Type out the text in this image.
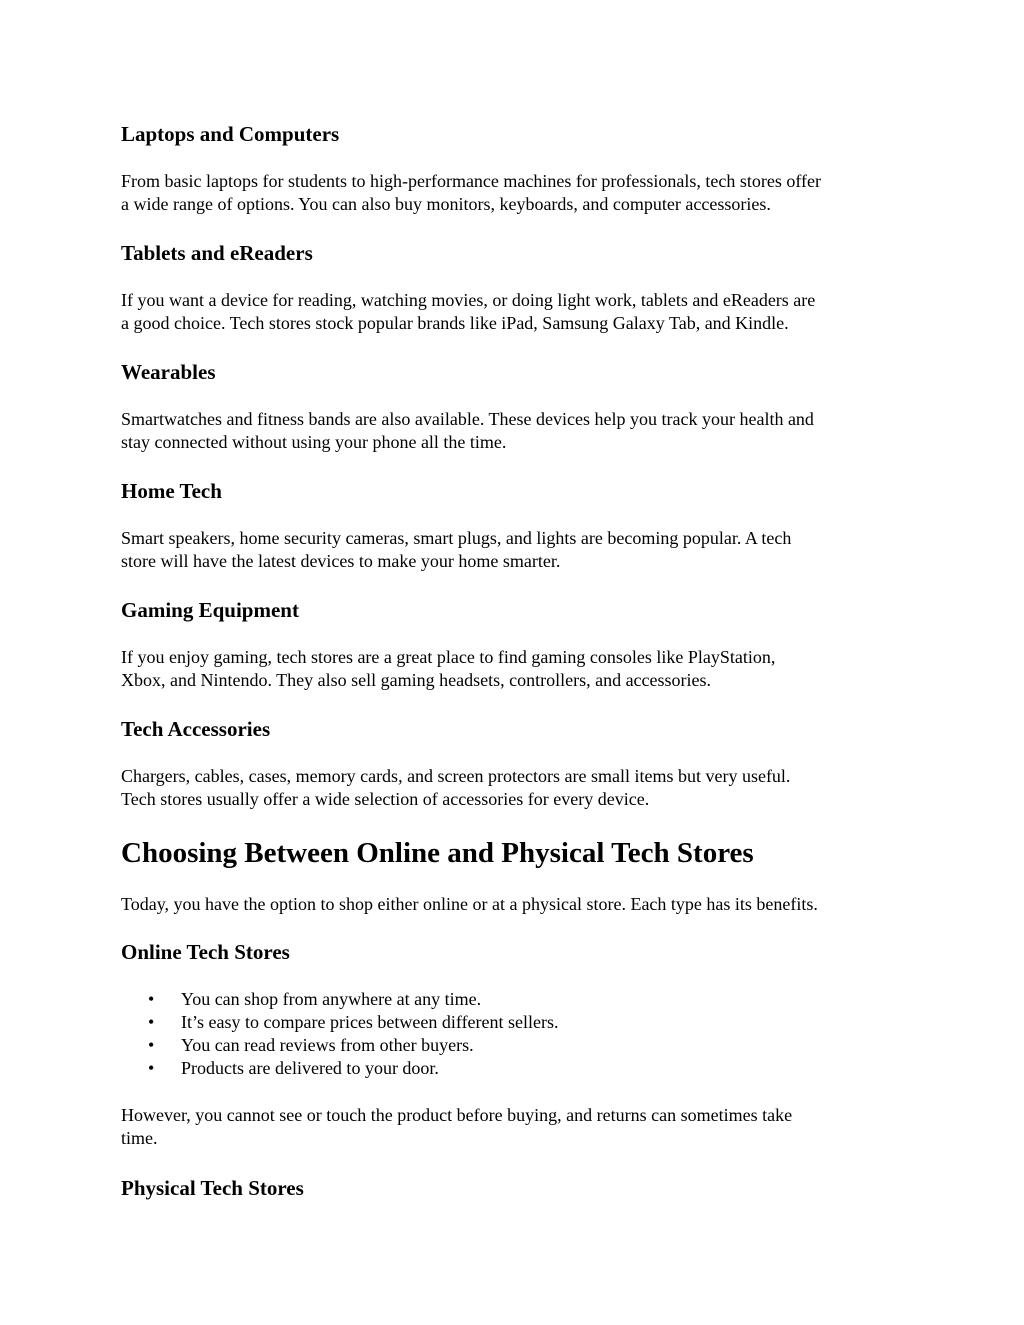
Laptops and Computers

From basic laptops for students to high-performance machines for professionals, tech stores offer
a wide range of options. You can also buy monitors, keyboards, and computer accessories.

Tablets and eReaders

If you want a device for reading, watching movies, or doing light work, tablets and eReaders are
a good choice. Tech stores stock popular brands like iPad, Samsung Galaxy Tab, and Kindle.

Wearables

Smartwatches and fitness bands are also available. These devices help you track your health and
stay connected without using your phone all the time.

Home Tech

Smart speakers, home security cameras, smart plugs, and lights are becoming popular. A tech
store will have the latest devices to make your home smarter.

Gaming Equipment

If you enjoy gaming, tech stores are a great place to find gaming consoles like PlayStation,
Xbox, and Nintendo. They also sell gaming headsets, controllers, and accessories.

Tech Accessories

Chargers, cables, cases, memory cards, and screen protectors are small items but very useful.
Tech stores usually offer a wide selection of accessories for every device.

Choosing Between Online and Physical Tech Stores

Today, you have the option to shop either online or at a physical store. Each type has its benefits.

Online Tech Stores
•	You can shop from anywhere at any time.
•	It’s easy to compare prices between different sellers.
•	You can read reviews from other buyers.
•	Products are delivered to your door.

However, you cannot see or touch the product before buying, and returns can sometimes take
time.

Physical Tech Stores
